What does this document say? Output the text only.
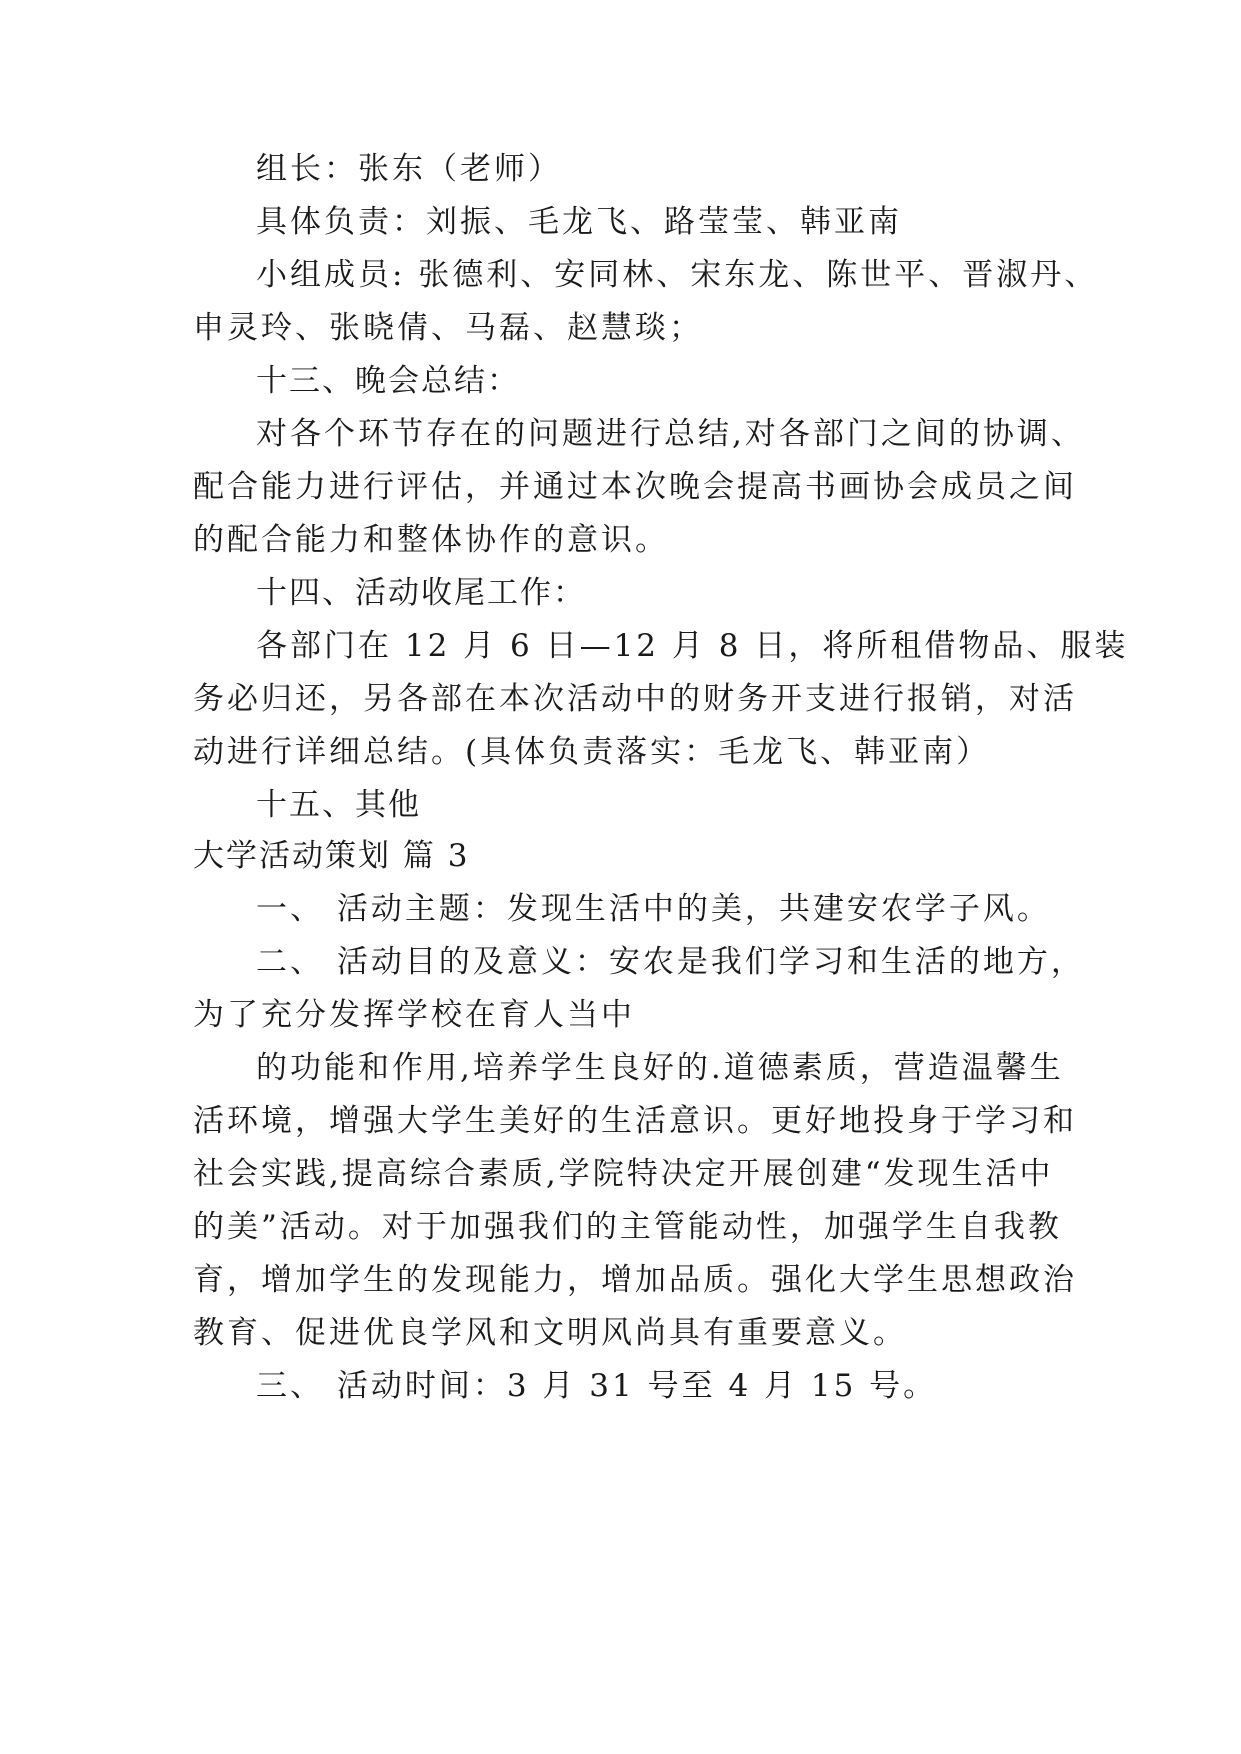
组长：张东（老师）
具体负责：刘振、毛龙飞、路莹莹、韩亚南
小组成员: 张德利、安同林、宋东龙、陈世平、晋淑丹、
申灵玲、张晓倩、马磊、赵慧琰；
十三、晚会总结：
对各个环节存在的问题进行总结,对各部门之间的协调、
配合能力进行评估，并通过本次晚会提高书画协会成员之间
的配合能力和整体协作的意识。
十四、活动收尾工作：
各部门在 12 月 6 日—12 月 8 日，将所租借物品、服装
务必归还，另各部在本次活动中的财务开支进行报销，对活
动进行详细总结。(具体负责落实：毛龙飞、韩亚南）
十五、其他
大学活动策划 篇 3
一、 活动主题：发现生活中的美，共建安农学子风。
二、 活动目的及意义：安农是我们学习和生活的地方，
为了充分发挥学校在育人当中
的功能和作用,培养学生良好的.道德素质，营造温馨生
活环境，增强大学生美好的生活意识。更好地投身于学习和
社会实践,提高综合素质,学院特决定开展创建“发现生活中
的美”活动。对于加强我们的主管能动性，加强学生自我教
育，增加学生的发现能力，增加品质。强化大学生思想政治
教育、促进优良学风和文明风尚具有重要意义。
三、 活动时间：3 月 31 号至 4 月 15 号。
